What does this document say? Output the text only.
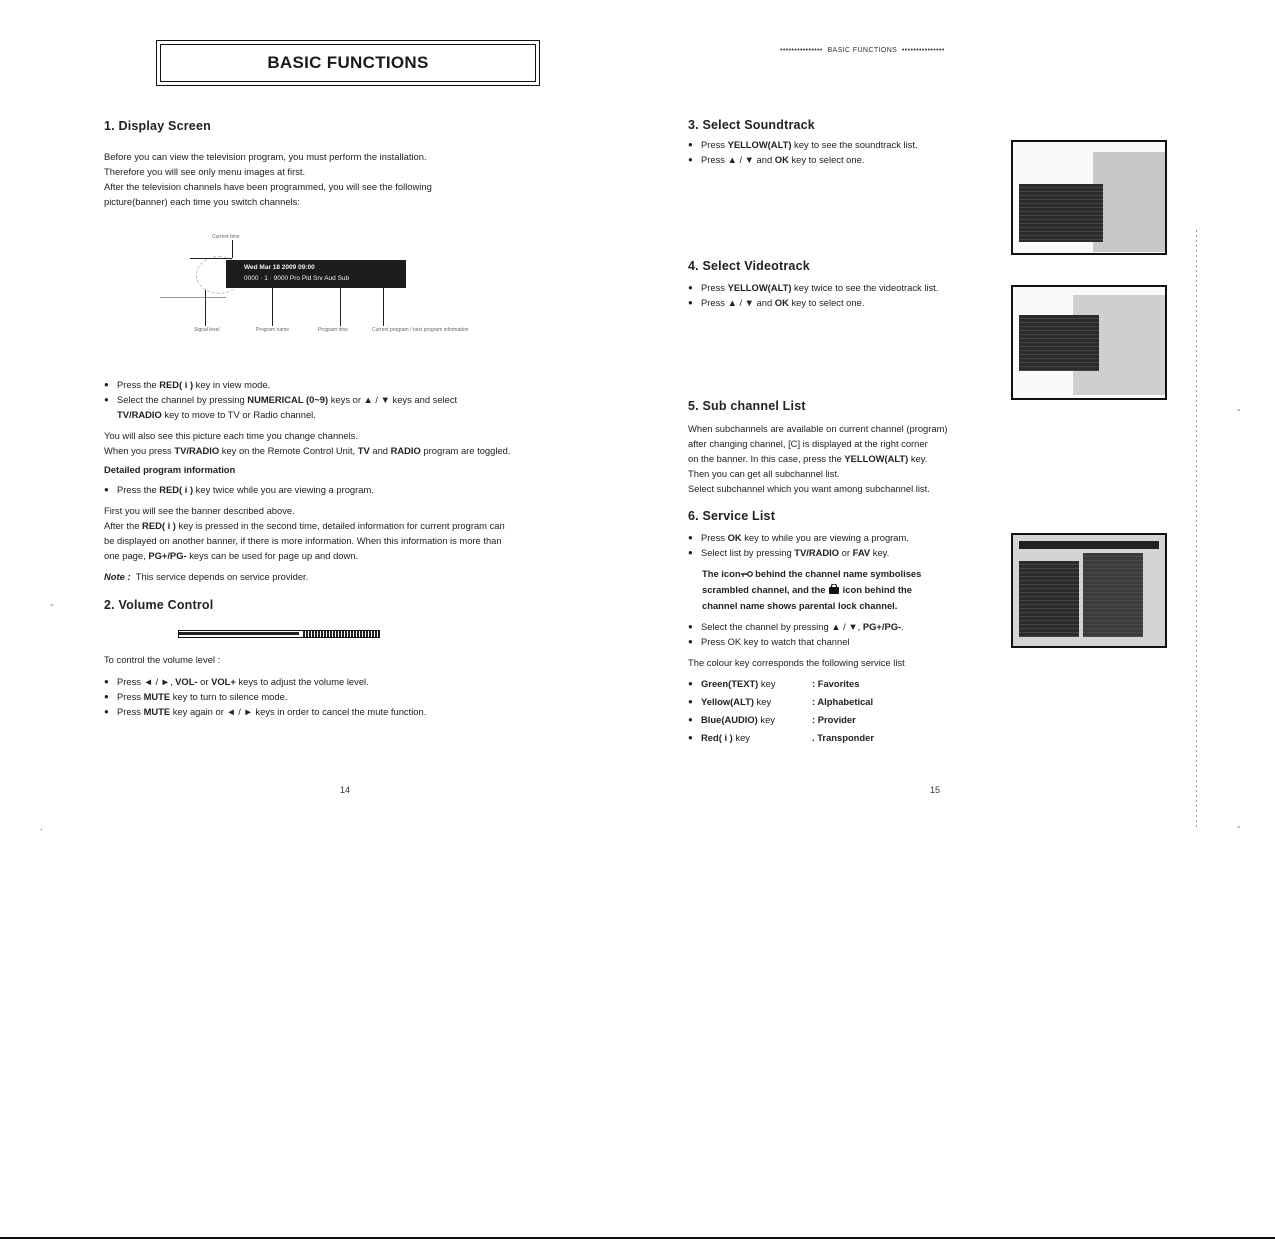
BASIC FUNCTIONS
•••••••••••••••  BASIC FUNCTIONS  •••••••••••••••
1. Display Screen

Before you can view the television program, you must perform the installation.

Therefore you will see only menu images at first.

After the television channels have been programmed, you will see the following

picture(banner) each time you switch channels:

Wed Mar 18 2009 09:00
0000 · 1 · 9000 Pro Pid Srv Aud Sub
Current time
Signal level	Program name	Program time	Current program / next program information

● Press the RED( i ) key in view mode.

● Select the channel by pressing NUMERICAL (0~9) keys or ▲ / ▼ keys and select

TV/RADIO key to move to TV or Radio channel.

You will also see this picture each time you change channels.

When you press TV/RADIO key on the Remote Control Unit, TV and RADIO program are toggled.

Detailed program information

● Press the RED( i ) key twice while you are viewing a program.

First you will see the banner described above.

After the RED( i ) key is pressed in the second time, detailed information for current program can

be displayed on another banner, if there is more information. When this information is more than

one page, PG+/PG- keys can be used for page up and down.

Note : This service depends on service provider.

2. Volume Control

To control the volume level :

● Press ◄ / ►, VOL- or VOL+ keys to adjust the volume level.

● Press MUTE key to turn to silence mode.

● Press MUTE key again or ◄ / ► keys in order to cancel the mute function.

14
3. Select Soundtrack

● Press YELLOW(ALT) key to see the soundtrack list.

● Press ▲ / ▼ and OK key to select one.

4. Select Videotrack

● Press YELLOW(ALT) key twice to see the videotrack list.

● Press ▲ / ▼ and OK key to select one.

5. Sub channel List

When subchannels are available on current channel (program)

after changing channel, [C] is displayed at the right corner

on the banner. In this case, press the YELLOW(ALT) key.

Then you can get all subchannel list.

Select subchannel which you want among subchannel list.

6. Service List

● Press OK key to while you are viewing a program.

● Select list by pressing TV/RADIO or FAV key.

The icon behind the channel name symbolises

scrambled channel, and the  icon behind the

channel name shows parental lock channel.

● Select the channel by pressing ▲ / ▼, PG+/PG-.

● Press OK key to watch that channel

The colour key corresponds the following service list

● Green(TEXT) key	: Favorites

● Yellow(ALT) key	: Alphabetical

● Blue(AUDIO) key	: Provider

● Red( i ) key	. Transponder

15
-
-
-
.
